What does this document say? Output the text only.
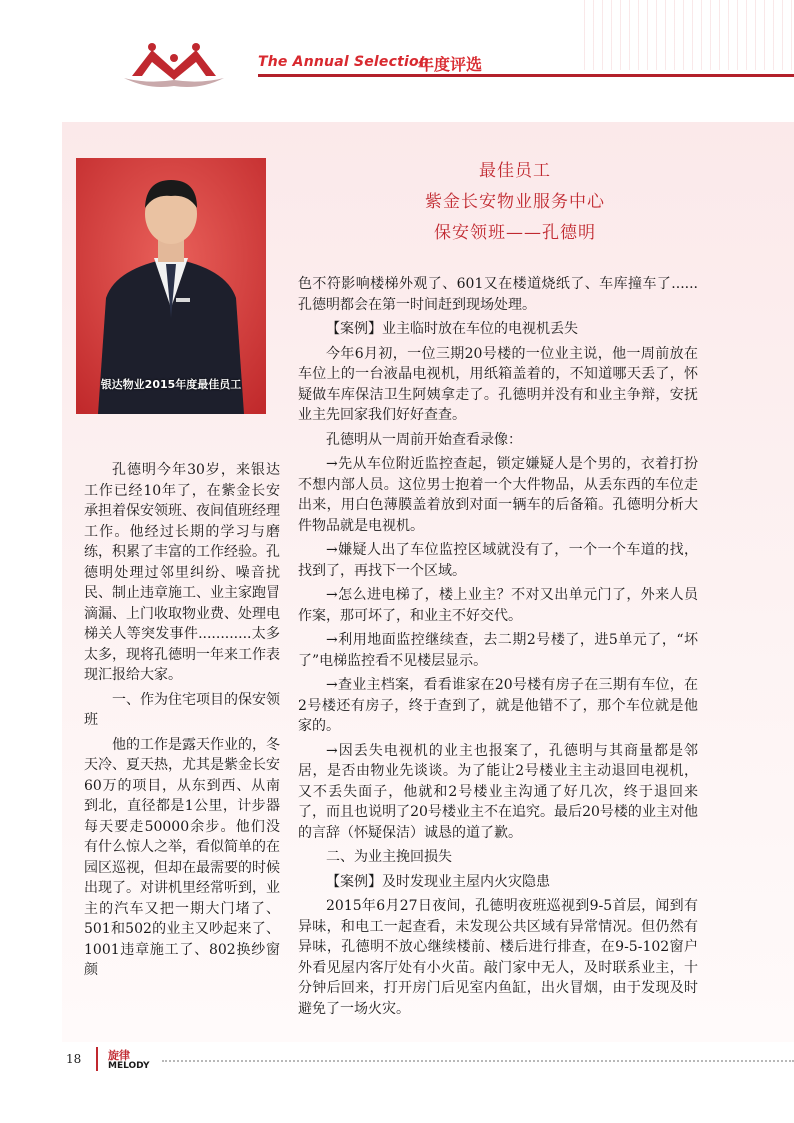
The Annual Selection
年度评选
银达物业2015年度最佳员工
最佳员工
紫金长安物业服务中心
保安领班——孔德明

孔德明今年30岁，来银达工作已经10年了，在紫金长安承担着保安领班、夜间值班经理工作。他经过长期的学习与磨练，积累了丰富的工作经验。孔德明处理过邻里纠纷、噪音扰民、制止违章施工、业主家跑冒滴漏、上门收取物业费、处理电梯关人等突发事件............太多太多，现将孔德明一年来工作表现汇报给大家。

一、作为住宅项目的保安领班

他的工作是露天作业的，冬天冷、夏天热，尤其是紫金长安60万的项目，从东到西、从南到北，直径都是1公里，计步器每天要走50000余步。他们没有什么惊人之举，看似简单的在园区巡视，但却在最需要的时候出现了。对讲机里经常听到，业主的汽车又把一期大门堵了、501和502的业主又吵起来了、1001违章施工了、802换纱窗颜

色不符影响楼梯外观了、601又在楼道烧纸了、车库撞车了......孔德明都会在第一时间赶到现场处理。

【案例】业主临时放在车位的电视机丢失

今年6月初，一位三期20号楼的一位业主说，他一周前放在车位上的一台液晶电视机，用纸箱盖着的，不知道哪天丢了，怀疑做车库保洁卫生阿姨拿走了。孔德明并没有和业主争辩，安抚业主先回家我们好好查查。

孔德明从一周前开始查看录像：

→先从车位附近监控查起，锁定嫌疑人是个男的，衣着打扮不想内部人员。这位男士抱着一个大件物品，从丢东西的车位走出来，用白色薄膜盖着放到对面一辆车的后备箱。孔德明分析大件物品就是电视机。

→嫌疑人出了车位监控区域就没有了，一个一个车道的找，找到了，再找下一个区域。

→怎么进电梯了，楼上业主？不对又出单元门了，外来人员作案，那可坏了，和业主不好交代。

→利用地面监控继续查，去二期2号楼了，进5单元了，“坏了”电梯监控看不见楼层显示。

→查业主档案，看看谁家在20号楼有房子在三期有车位，在2号楼还有房子，终于查到了，就是他错不了，那个车位就是他家的。

→因丢失电视机的业主也报案了，孔德明与其商量都是邻居，是否由物业先谈谈。为了能让2号楼业主主动退回电视机，又不丢失面子，他就和2号楼业主沟通了好几次，终于退回来了，而且也说明了20号楼业主不在追究。最后20号楼的业主对他的言辞（怀疑保洁）诚恳的道了歉。

二、为业主挽回损失

【案例】及时发现业主屋内火灾隐患

2015年6月27日夜间，孔德明夜班巡视到9-5首层，闻到有异味，和电工一起查看，未发现公共区域有异常情况。但仍然有异味，孔德明不放心继续楼前、楼后进行排查，在9-5-102窗户外看见屋内客厅处有小火苗。敲门家中无人，及时联系业主，十分钟后回来，打开房门后见室内鱼缸，出火冒烟，由于发现及时避免了一场火灾。

18 旋律
MELODY
